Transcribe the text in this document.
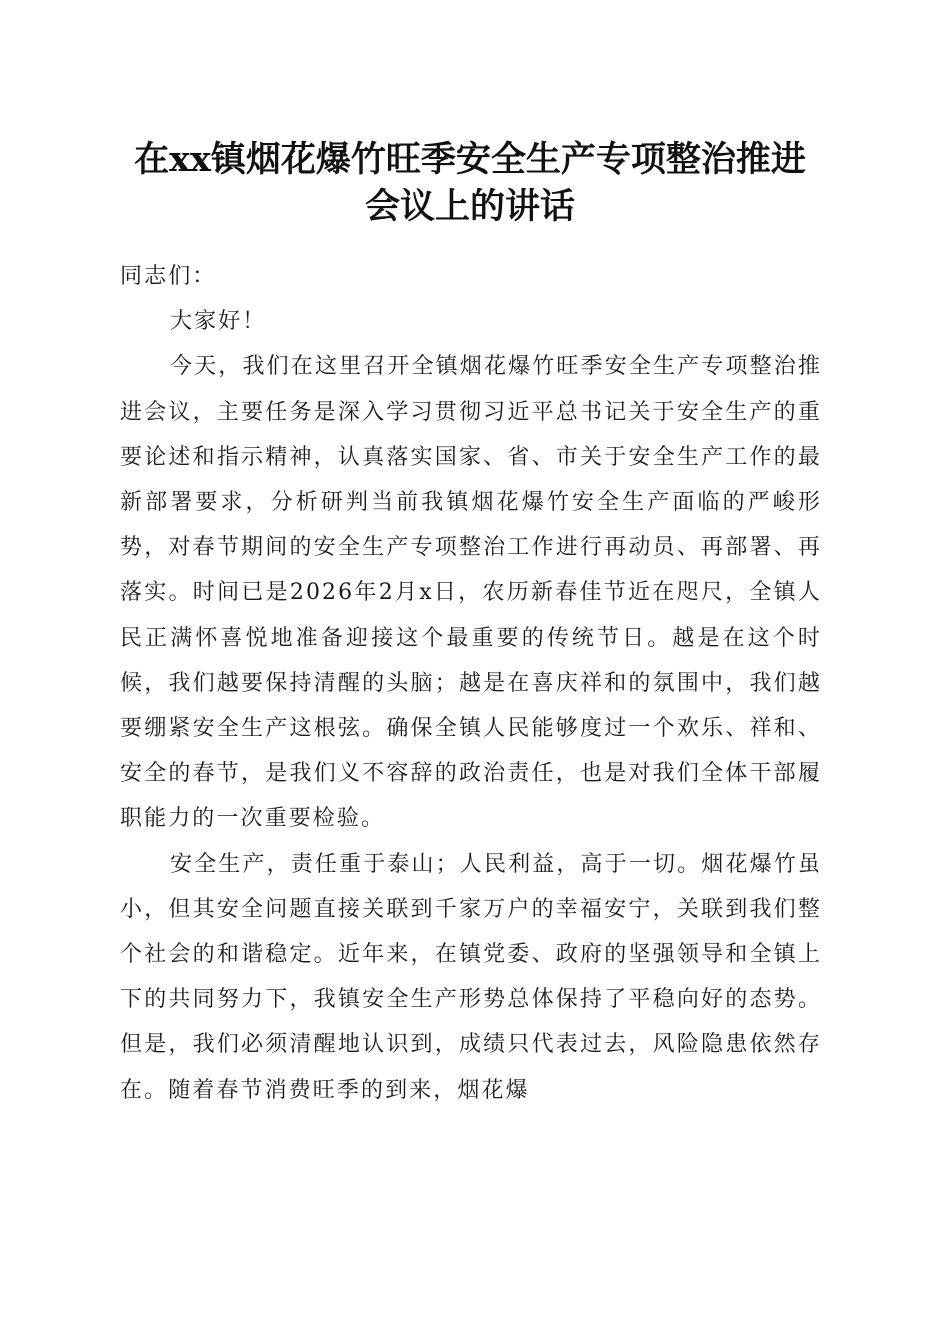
在xx镇烟花爆竹旺季安全生产专项整治推进
会议上的讲话

同志们：

大家好！

今天，我们在这里召开全镇烟花爆竹旺季安全生产专项整治推进会议，主要任务是深入学习贯彻习近平总书记关于安全生产的重要论述和指示精神，认真落实国家、省、市关于安全生产工作的最新部署要求，分析研判当前我镇烟花爆竹安全生产面临的严峻形势，对春节期间的安全生产专项整治工作进行再动员、再部署、再落实。时间已是2026年2月x日，农历新春佳节近在咫尺，全镇人民正满怀喜悦地准备迎接这个最重要的传统节日。越是在这个时候，我们越要保持清醒的头脑；越是在喜庆祥和的氛围中，我们越要绷紧安全生产这根弦。确保全镇人民能够度过一个欢乐、祥和、安全的春节，是我们义不容辞的政治责任，也是对我们全体干部履职能力的一次重要检验。

安全生产，责任重于泰山；人民利益，高于一切。烟花爆竹虽小，但其安全问题直接关联到千家万户的幸福安宁，关联到我们整个社会的和谐稳定。近年来，在镇党委、政府的坚强领导和全镇上下的共同努力下，我镇安全生产形势总体保持了平稳向好的态势。但是，我们必须清醒地认识到，成绩只代表过去，风险隐患依然存在。随着春节消费旺季的到来，烟花爆
